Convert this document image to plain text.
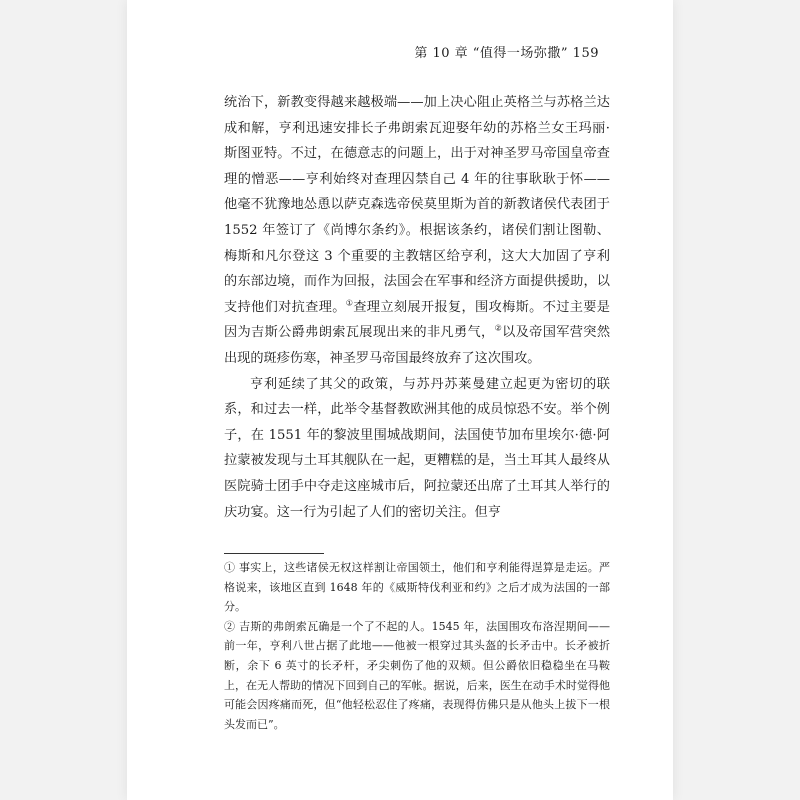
第 10 章 “值得一场弥撒” 159

统治下，新教变得越来越极端——加上决心阻止英格兰与苏格兰达成和解，亨利迅速安排长子弗朗索瓦迎娶年幼的苏格兰女王玛丽·斯图亚特。不过，在德意志的问题上，出于对神圣罗马帝国皇帝查理的憎恶——亨利始终对查理囚禁自己 4 年的往事耿耿于怀——他毫不犹豫地怂恿以萨克森选帝侯莫里斯为首的新教诸侯代表团于 1552 年签订了《尚博尔条约》。根据该条约，诸侯们割让图勒、梅斯和凡尔登这 3 个重要的主教辖区给亨利，这大大加固了亨利的东部边境，而作为回报，法国会在军事和经济方面提供援助，以支持他们对抗查理。①查理立刻展开报复，围攻梅斯。不过主要是因为吉斯公爵弗朗索瓦展现出来的非凡勇气，②以及帝国军营突然出现的斑疹伤寒，神圣罗马帝国最终放弃了这次围攻。

亨利延续了其父的政策，与苏丹苏莱曼建立起更为密切的联系，和过去一样，此举令基督教欧洲其他的成员惊恐不安。举个例子，在 1551 年的黎波里围城战期间，法国使节加布里埃尔·德·阿拉蒙被发现与土耳其舰队在一起，更糟糕的是，当土耳其人最终从医院骑士团手中夺走这座城市后，阿拉蒙还出席了土耳其人举行的庆功宴。这一行为引起了人们的密切关注。但亨

① 事实上，这些诸侯无权这样割让帝国领土，他们和亨利能得逞算是走运。严格说来，该地区直到 1648 年的《威斯特伐利亚和约》之后才成为法国的一部分。

② 吉斯的弗朗索瓦确是一个了不起的人。1545 年，法国围攻布洛涅期间——前一年，亨利八世占据了此地——他被一根穿过其头盔的长矛击中。长矛被折断，余下 6 英寸的长矛杆，矛尖刺伤了他的双颊。但公爵依旧稳稳坐在马鞍上，在无人帮助的情况下回到自己的军帐。据说，后来，医生在动手术时觉得他可能会因疼痛而死，但“他轻松忍住了疼痛，表现得仿佛只是从他头上拔下一根头发而已”。
